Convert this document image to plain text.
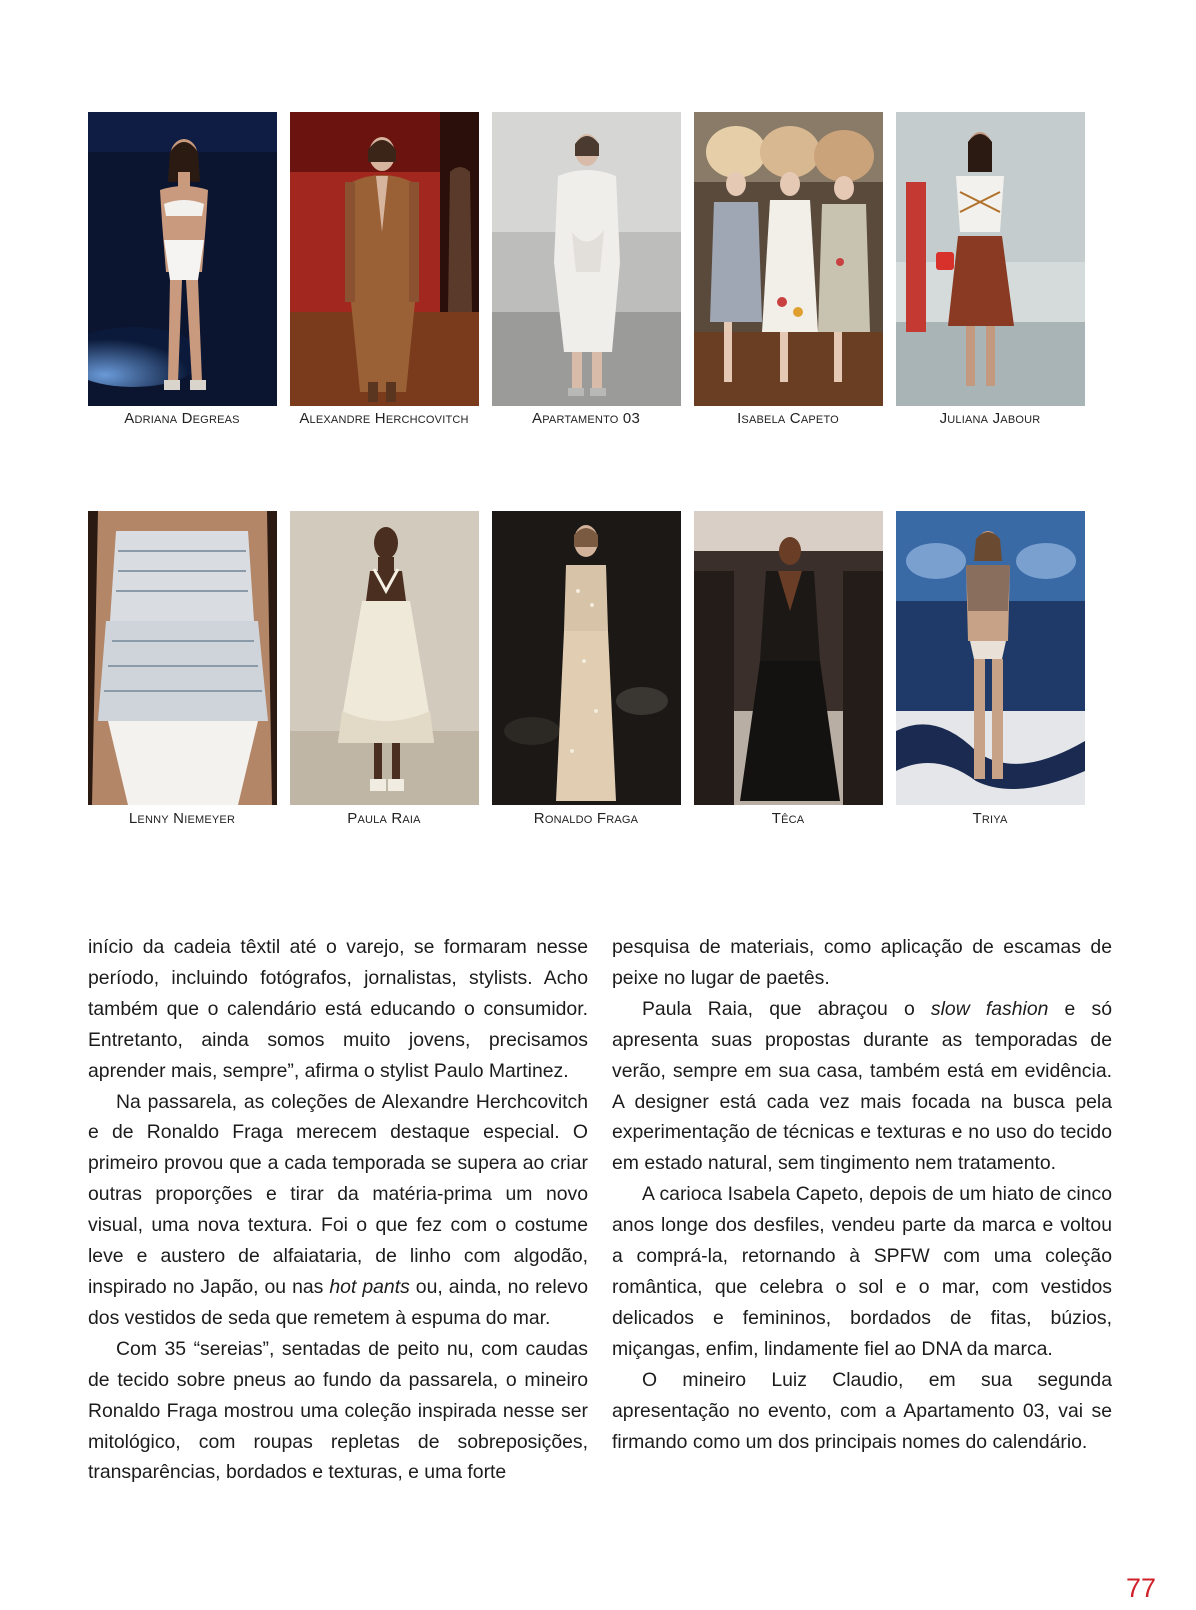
Adriana Degreas	Alexandre Herchcovitch	Apartamento 03	Isabela Capeto	Juliana Jabour
Lenny Niemeyer	Paula Raia	Ronaldo Fraga	Têca	Triya

início da cadeia têxtil até o varejo, se formaram nesse período, incluindo fotógrafos, jornalistas, stylists. Acho também que o calendário está educando o consumidor. Entretanto, ainda somos muito jovens, precisamos aprender mais, sempre”, afirma o stylist Paulo Martinez.

Na passarela, as coleções de Alexandre Herchcovitch e de Ronaldo Fraga merecem destaque especial. O primeiro provou que a cada temporada se supera ao criar outras proporções e tirar da matéria-prima um novo visual, uma nova textura. Foi o que fez com o costume leve e austero de alfaiataria, de linho com algodão, inspirado no Japão, ou nas hot pants ou, ainda, no relevo dos vestidos de seda que remetem à espuma do mar.

Com 35 “sereias”, sentadas de peito nu, com caudas de tecido sobre pneus ao fundo da passarela, o mineiro Ronaldo Fraga mostrou uma coleção inspirada nesse ser mitológico, com roupas repletas de sobreposições, transparências, bordados e texturas, e uma forte

pesquisa de materiais, como aplicação de escamas de peixe no lugar de paetês.

Paula Raia, que abraçou o slow fashion e só apresenta suas propostas durante as temporadas de verão, sempre em sua casa, também está em evidência. A designer está cada vez mais focada na busca pela experimentação de técnicas e texturas e no uso do tecido em estado natural, sem tingimento nem tratamento.

A carioca Isabela Capeto, depois de um hiato de cinco anos longe dos desfiles, vendeu parte da marca e voltou a comprá-la, retornando à SPFW com uma coleção romântica, que celebra o sol e o mar, com vestidos delicados e femininos, bordados de fitas, búzios, miçangas, enfim, lindamente fiel ao DNA da marca.

O mineiro Luiz Claudio, em sua segunda apresentação no evento, com a Apartamento 03, vai se firmando como um dos principais nomes do calendário.

77
